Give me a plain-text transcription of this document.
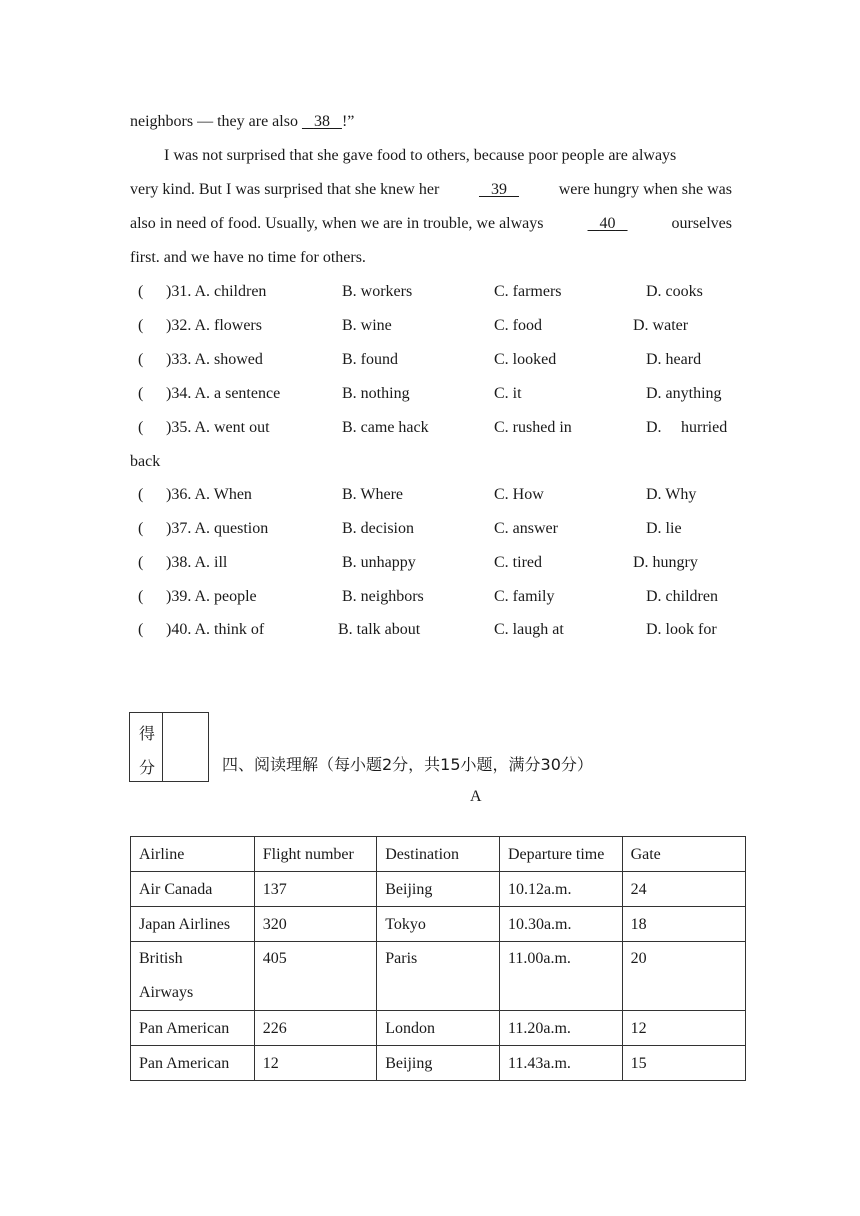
neighbors — they are also    38 !”
I was not surprised that she gave food to others, because poor people are always
very kind. But I was surprised that she knew her	39	were hungry when she was
also in need of food. Usually, when we are in trouble, we always	40	ourselves
first. and we have no time for others.
( )31. A. children	B. workers	C. farmers	D. cooks
( )32. A. flowers	B. wine	C. food	D. water
( )33. A. showed	B. found	C. looked	D. heard
( )34. A. a sentence	B. nothing	C. it	D. anything
( )35. A. went out	B. came hack	C. rushed in	D. hurried
back
( )36. A. When	B. Where	C. How	D. Why
( )37. A. question	B. decision	C. answer	D. lie
( )38. A. ill	B. unhappy	C. tired	D. hungry
( )39. A. people	B. neighbors	C. family	D. children
( )40. A. think of	B. talk about	C. laugh at	D. look for
得
分	四、阅读理解（每小题2分，共15小题，满分30分）
A
Airline	Flight number	Destination	Departure time	Gate
Air Canada	137	Beijing	10.12a.m.	24
Japan Airlines	320	Tokyo	10.30a.m.	18

British Airways	405	Paris	11.00a.m.	20
Pan American	226	London	11.20a.m.	12
Pan American	12	Beijing	11.43a.m.	15
